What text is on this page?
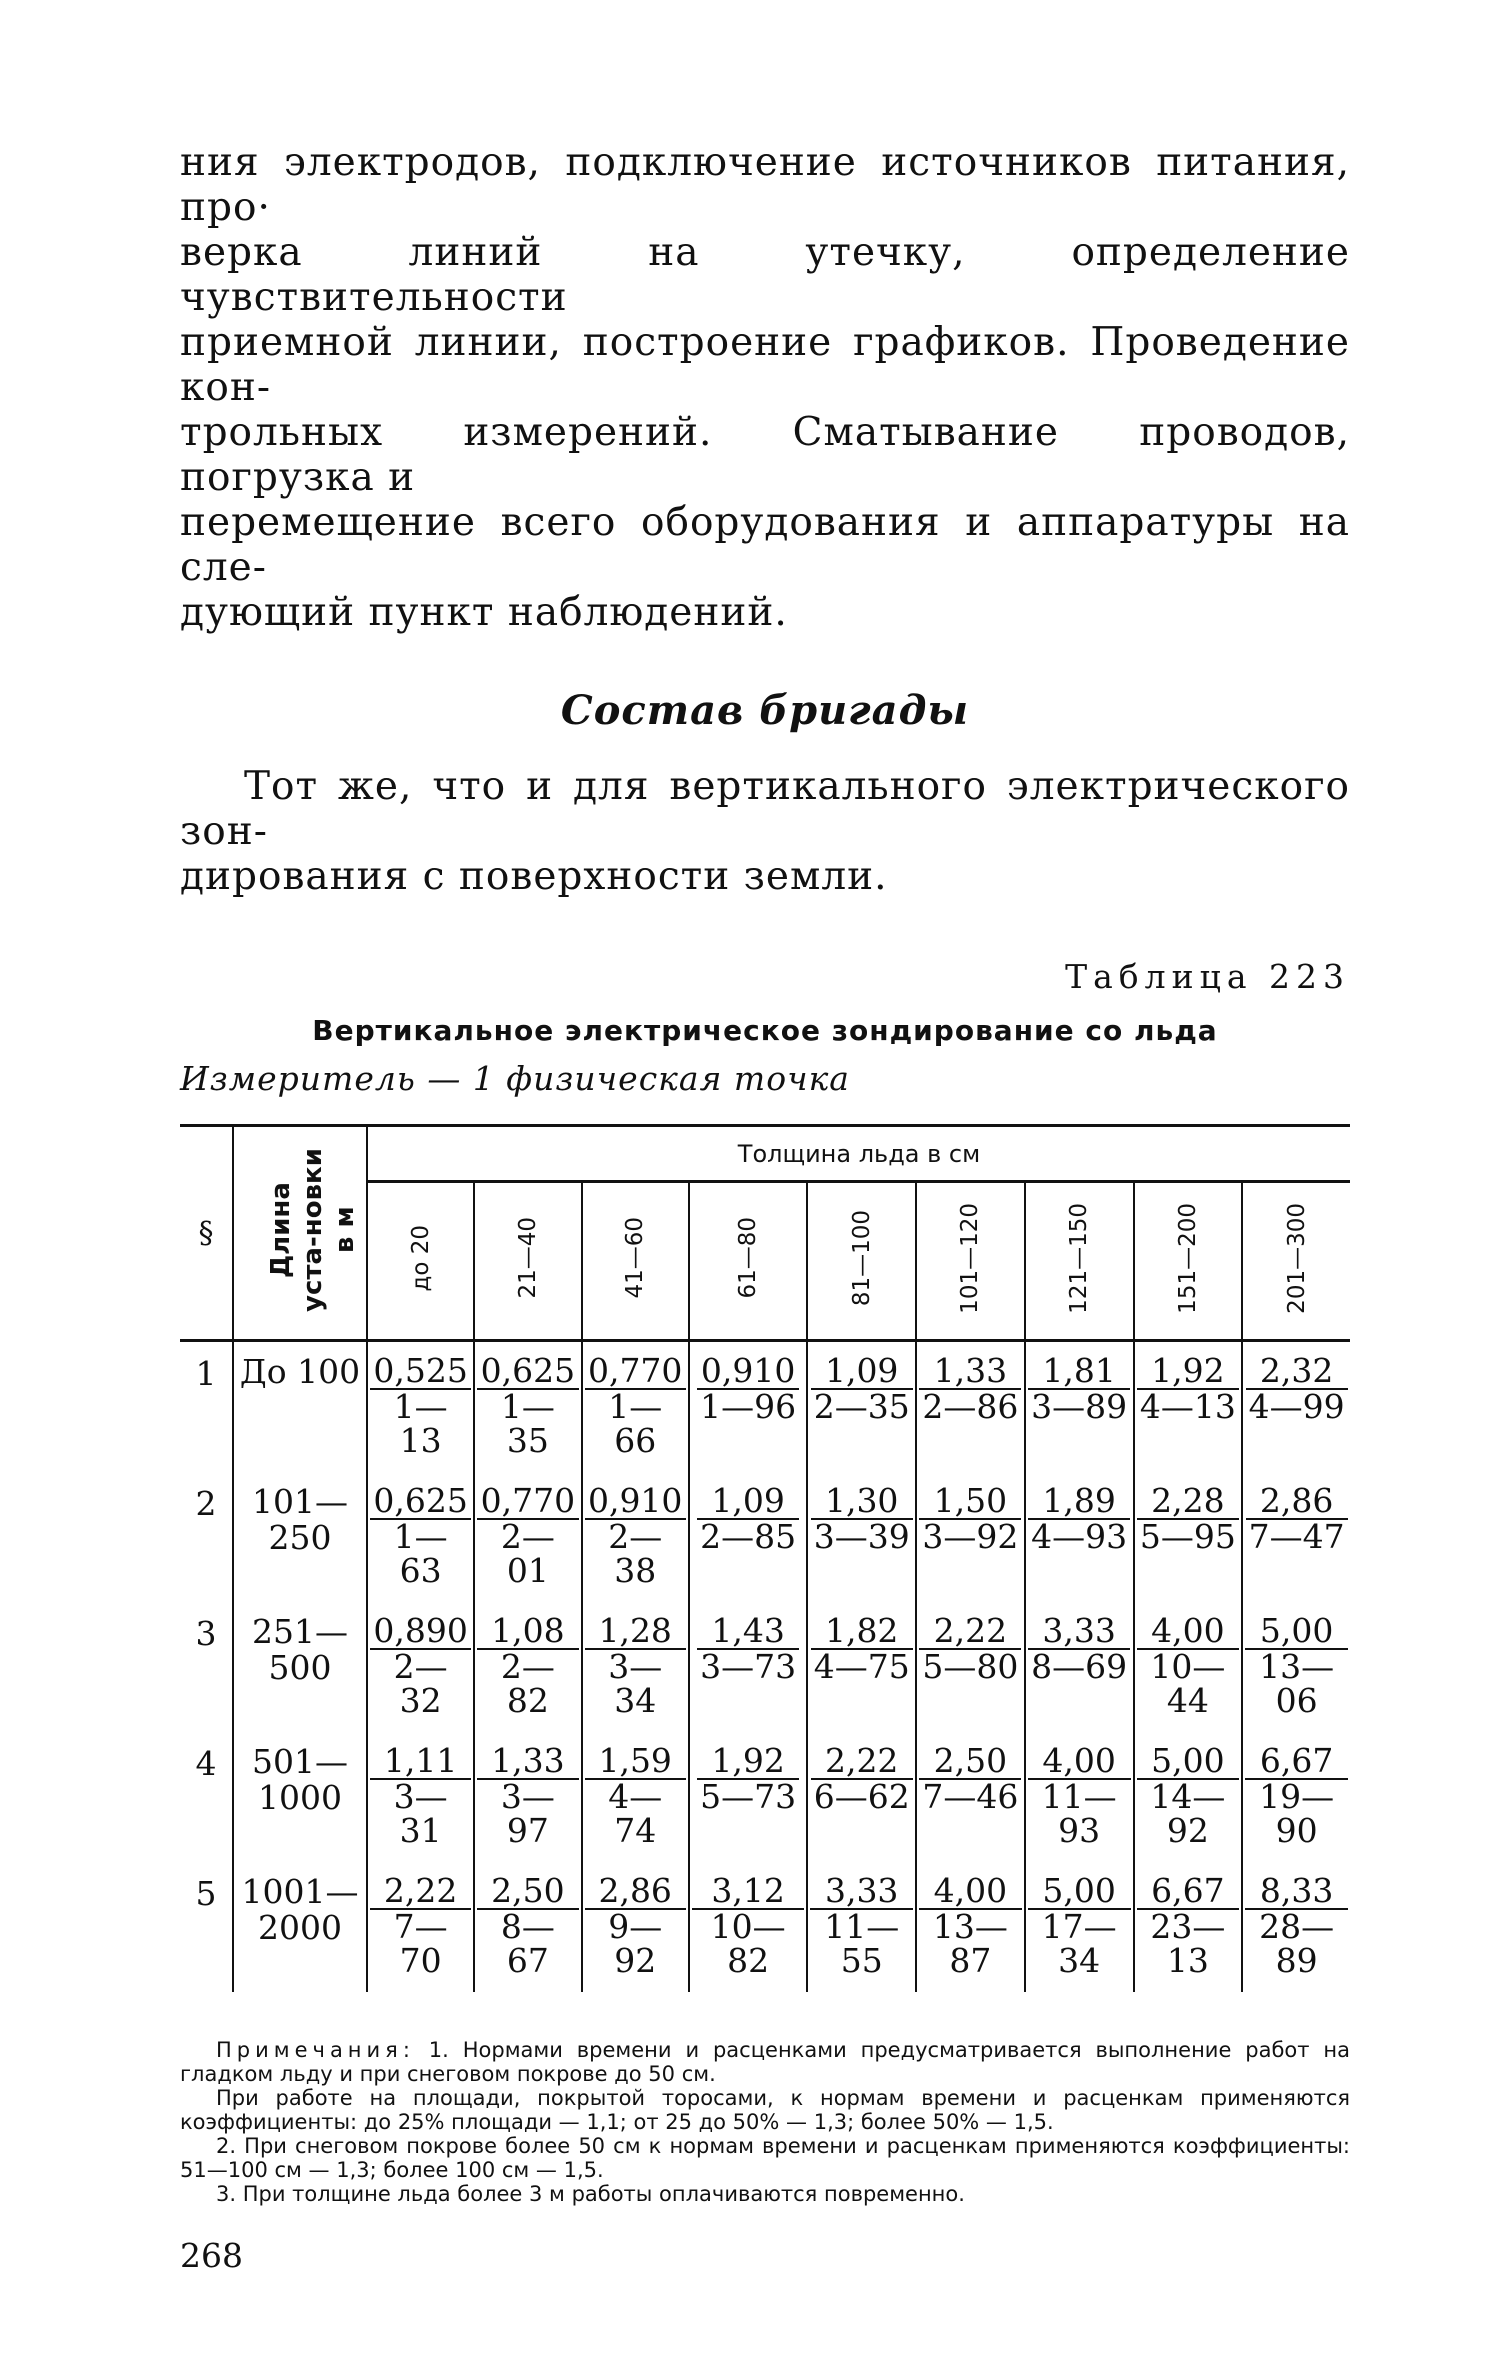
ния электродов, подключение источников питания, про·

верка линий на утечку, определение чувствительности

приемной линии, построение графиков. Проведение кон-

трольных измерений. Сматывание проводов, погрузка и

перемещение всего оборудования и аппаратуры на сле-

дующий пункт наблюдений.

Состав бригады

Тот же, что и для вертикального электрического зон-

дирования с поверхности земли.

Таблица 223
Вертикальное электрическое зондирование со льда
Измеритель — 1 физическая точка
§	Длина уста-новки в м	Толщина льда в см								
		до 20	21—40	41—60	61—80	81—100	101—120	121—150	151—200	201—300
1	До 100	$\frac{0,525}{1—13}$	$\frac{0,625}{1—35}$	$\frac{0,770}{1—66}$	$\frac{0,910}{1—96}$	$\frac{1,09}{2—35}$	$\frac{1,33}{2—86}$	$\frac{1,81}{3—89}$	$\frac{1,92}{4—13}$	$\frac{2,32}{4—99}$

2	101— 250	$\frac{0,625}{1—63}$	$\frac{0,770}{2—01}$	$\frac{0,910}{2—38}$	$\frac{1,09}{2—85}$	$\frac{1,30}{3—39}$	$\frac{1,50}{3—92}$	$\frac{1,89}{4—93}$	$\frac{2,28}{5—95}$	$\frac{2,86}{7—47}$

3	251— 500	$\frac{0,890}{2—32}$	$\frac{1,08}{2—82}$	$\frac{1,28}{3—34}$	$\frac{1,43}{3—73}$	$\frac{1,82}{4—75}$	$\frac{2,22}{5—80}$	$\frac{3,33}{8—69}$	$\frac{4,00}{10—44}$	$\frac{5,00}{13—06}$

4	501— 1000	$\frac{1,11}{3—31}$	$\frac{1,33}{3—97}$	$\frac{1,59}{4—74}$	$\frac{1,92}{5—73}$	$\frac{2,22}{6—62}$	$\frac{2,50}{7—46}$	$\frac{4,00}{11—93}$	$\frac{5,00}{14—92}$	$\frac{6,67}{19—90}$

5	1001— 2000	$\frac{2,22}{7—70}$	$\frac{2,50}{8—67}$	$\frac{2,86}{9—92}$	$\frac{3,12}{10—82}$	$\frac{3,33}{11—55}$	$\frac{4,00}{13—87}$	$\frac{5,00}{17—34}$	$\frac{6,67}{23—13}$	$\frac{8,33}{28—89}$

Примечания: 1. Нормами времени и расценками предусматривается выполнение работ на гладком льду и при снеговом покрове до 50 см.

При работе на площади, покрытой торосами, к нормам времени и расценкам применяются коэффициенты: до 25% площади — 1,1; от 25 до 50% — 1,3; более 50% — 1,5.

2. При снеговом покрове более 50 см к нормам времени и расценкам применяются коэффициенты: 51—100 см — 1,3; более 100 см — 1,5.

3. При толщине льда более 3 м работы оплачиваются повременно.

268
